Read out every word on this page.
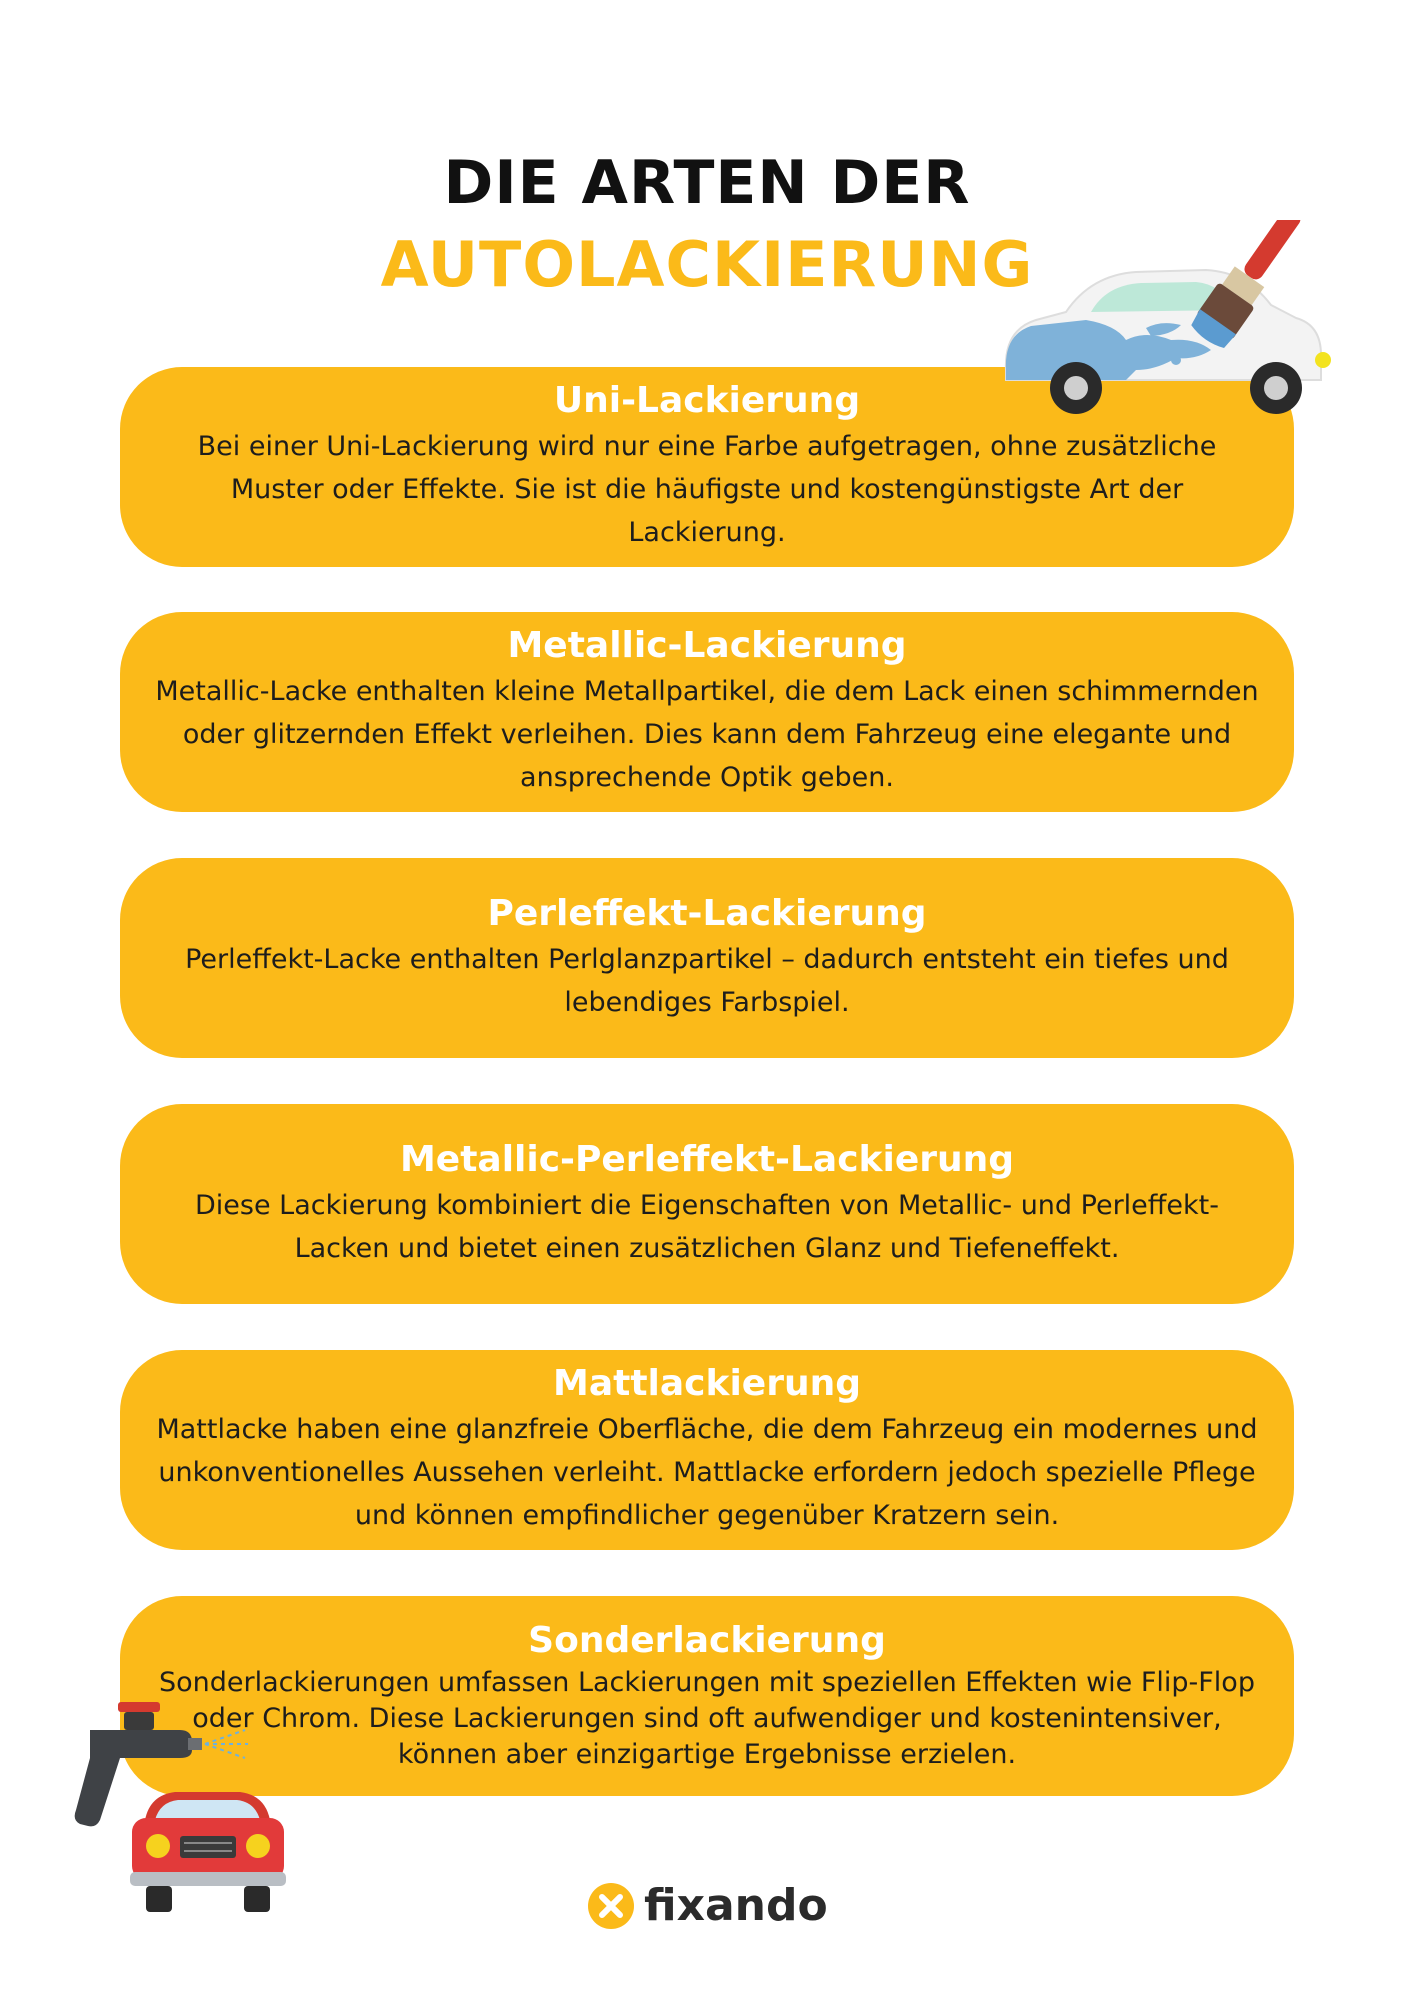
DIE ARTEN DER
AUTOLACKIERUNG
Uni-Lackierung

Bei einer Uni-Lackierung wird nur eine Farbe aufgetragen, ohne zusätzliche Muster oder Effekte. Sie ist die häufigste und kostengünstigste Art der Lackierung.

Metallic-Lackierung

Metallic-Lacke enthalten kleine Metallpartikel, die dem Lack einen schimmernden oder glitzernden Effekt verleihen. Dies kann dem Fahrzeug eine elegante und ansprechende Optik geben.

Perleffekt-Lackierung

Perleffekt-Lacke enthalten Perlglanzpartikel – dadurch entsteht ein tiefes und lebendiges Farbspiel.

Metallic-Perleffekt-Lackierung

Diese Lackierung kombiniert die Eigenschaften von Metallic- und Perleffekt-Lacken und bietet einen zusätzlichen Glanz und Tiefeneffekt.

Mattlackierung

Mattlacke haben eine glanzfreie Oberfläche, die dem Fahrzeug ein modernes und unkonventionelles Aussehen verleiht. Mattlacke erfordern jedoch spezielle Pflege und können empfindlicher gegenüber Kratzern sein.

Sonderlackierung

Sonderlackierungen umfassen Lackierungen mit speziellen Effekten wie Flip-Flop oder Chrom. Diese Lackierungen sind oft aufwendiger und kostenintensiver, können aber einzigartige Ergebnisse erzielen.

fixando
